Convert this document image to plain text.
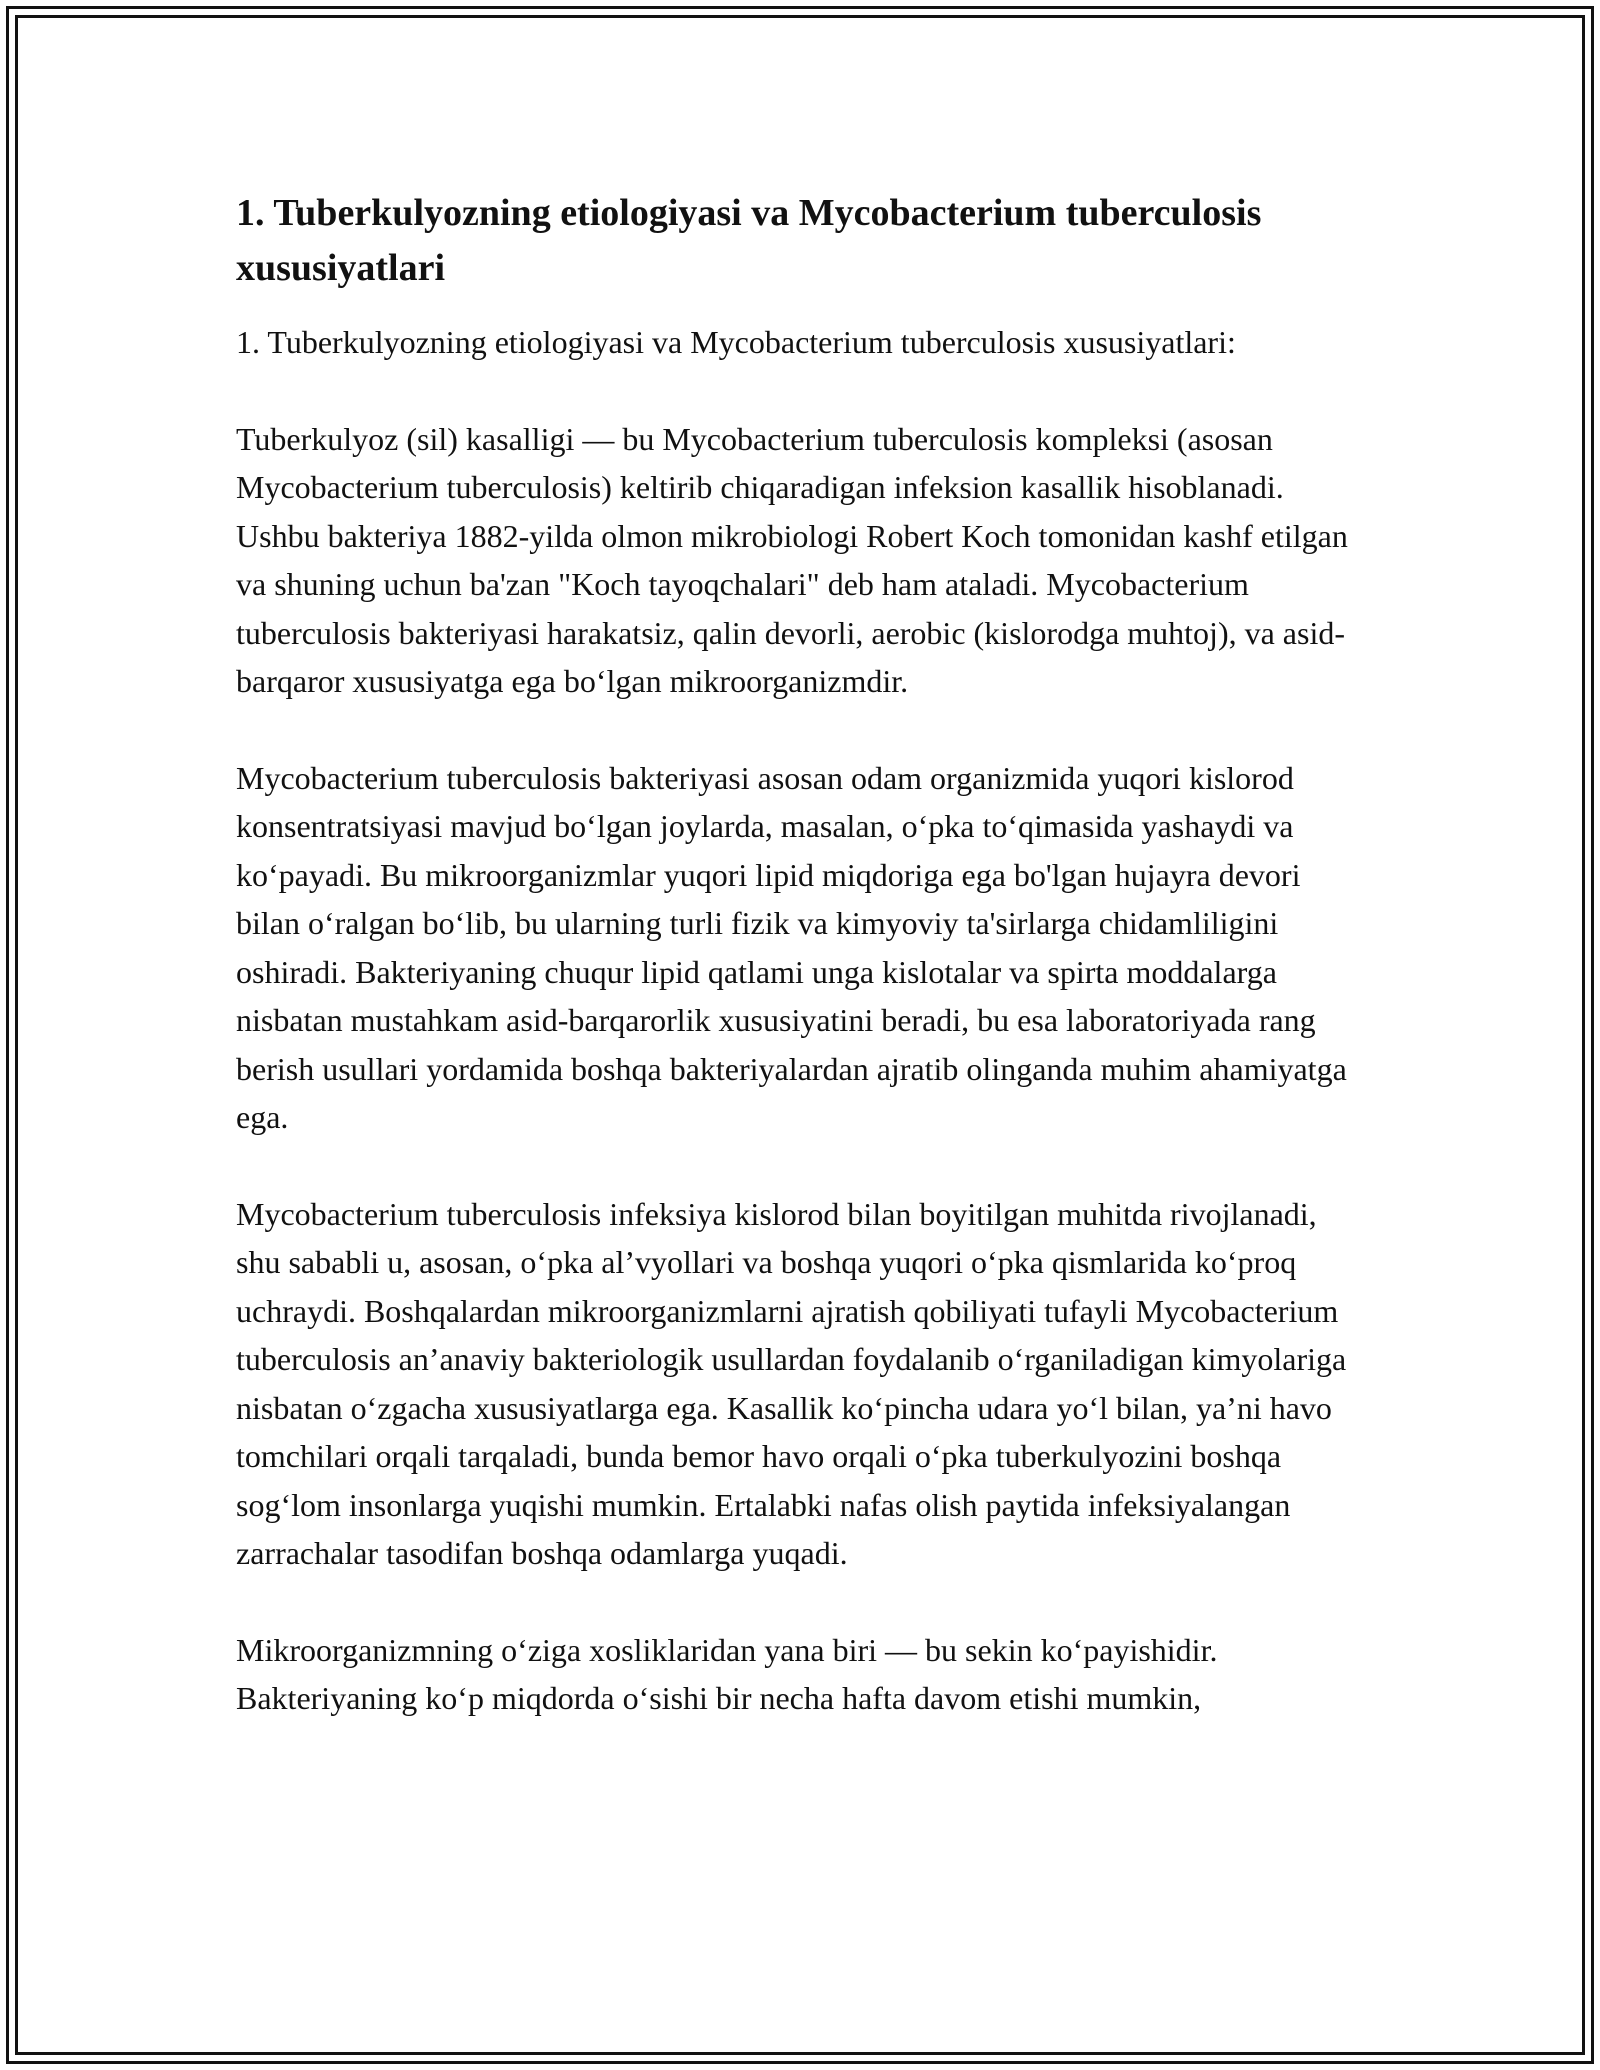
1. Tuberkulyozning etiologiyasi va Mycobacterium tuberculosis xususiyatlari

1. Tuberkulyozning etiologiyasi va Mycobacterium tuberculosis xususiyatlari:

Tuberkulyoz (sil) kasalligi — bu Mycobacterium tuberculosis kompleksi (asosan Mycobacterium tuberculosis) keltirib chiqaradigan infeksion kasallik hisoblanadi. Ushbu bakteriya 1882-yilda olmon mikrobiologi Robert Koch tomonidan kashf etilgan va shuning uchun ba'zan "Koch tayoqchalari" deb ham ataladi. Mycobacterium tuberculosis bakteriyasi harakatsiz, qalin devorli, aerobic (kislorodga muhtoj), va asid-barqaror xususiyatga ega boʻlgan mikroorganizmdir.

Mycobacterium tuberculosis bakteriyasi asosan odam organizmida yuqori kislorod konsentratsiyasi mavjud boʻlgan joylarda, masalan, oʻpka toʻqimasida yashaydi va koʻpayadi. Bu mikroorganizmlar yuqori lipid miqdoriga ega bo'lgan hujayra devori bilan oʻralgan boʻlib, bu ularning turli fizik va kimyoviy ta'sirlarga chidamliligini oshiradi. Bakteriyaning chuqur lipid qatlami unga kislotalar va spirta moddalarga nisbatan mustahkam asid-barqarorlik xususiyatini beradi, bu esa laboratoriyada rang berish usullari yordamida boshqa bakteriyalardan ajratib olinganda muhim ahamiyatga ega.

Mycobacterium tuberculosis infeksiya kislorod bilan boyitilgan muhitda rivojlanadi, shu sababli u, asosan, oʻpka al’vyollari va boshqa yuqori oʻpka qismlarida koʻproq uchraydi. Boshqalardan mikroorganizmlarni ajratish qobiliyati tufayli Mycobacterium tuberculosis an’anaviy bakteriologik usullardan foydalanib oʻrganiladigan kimyolariga nisbatan oʻzgacha xususiyatlarga ega. Kasallik koʻpincha udara yoʻl bilan, ya’ni havo tomchilari orqali tarqaladi, bunda bemor havo orqali oʻpka tuberkulyozini boshqa sogʻlom insonlarga yuqishi mumkin. Ertalabki nafas olish paytida infeksiyalangan zarrachalar tasodifan boshqa odamlarga yuqadi.

Mikroorganizmning oʻziga xosliklaridan yana biri — bu sekin koʻpayishidir. Bakteriyaning koʻp miqdorda oʻsishi bir necha hafta davom etishi mumkin,
